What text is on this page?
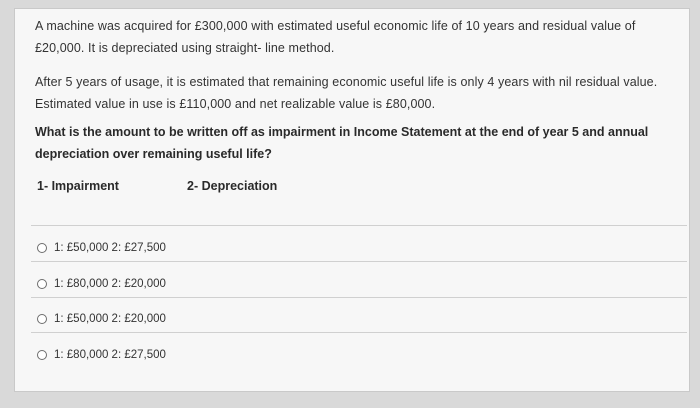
A machine was acquired for £300,000 with estimated useful economic life of 10 years and residual value of £20,000. It is depreciated using straight- line method.
After 5 years of usage, it is estimated that remaining economic useful life is only 4 years with nil residual value. Estimated value in use is £110,000 and net realizable value is £80,000.
What is the amount to be written off as impairment in Income Statement at the end of year 5 and annual depreciation over remaining useful life?
1- Impairment	2- Depreciation
1: £50,000 2: £27,500
1: £80,000 2: £20,000
1: £50,000 2: £20,000
1: £80,000 2: £27,500
